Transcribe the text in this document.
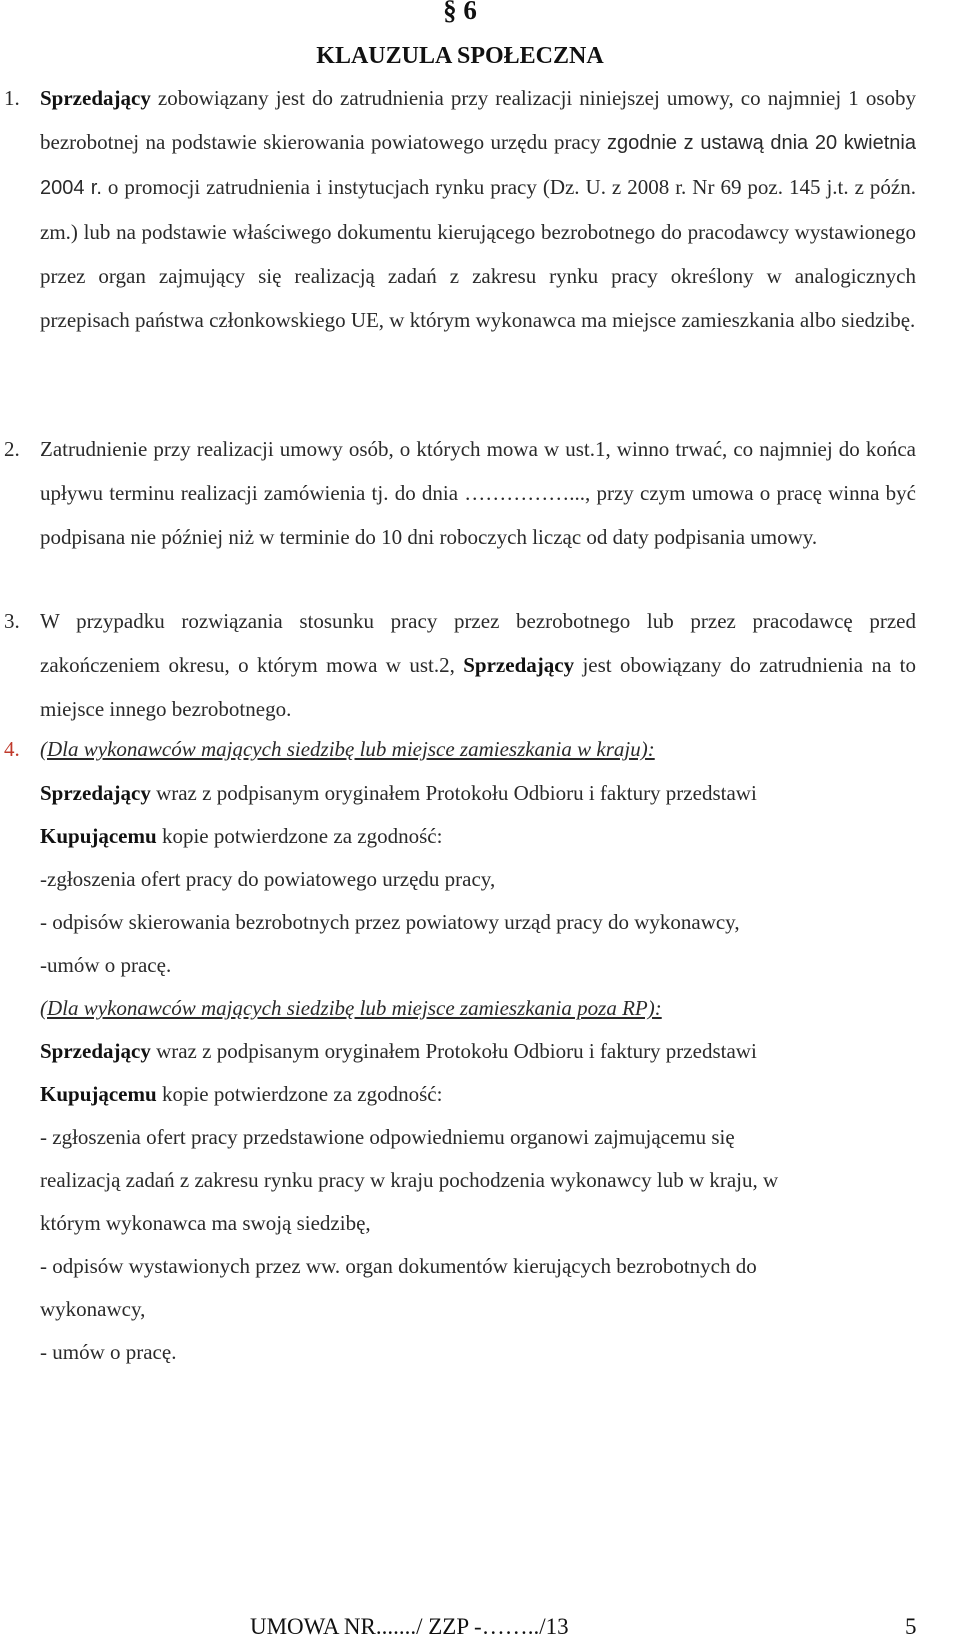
§ 6
KLAUZULA SPOŁECZNA
1. Sprzedający zobowiązany jest do zatrudnienia przy realizacji niniejszej umowy, co najmniej 1 osoby bezrobotnej na podstawie skierowania powiatowego urzędu pracy zgodnie z ustawą dnia 20 kwietnia 2004 r. o promocji zatrudnienia i instytucjach rynku pracy (Dz. U. z 2008 r. Nr 69 poz. 145 j.t. z późn. zm.) lub na podstawie właściwego dokumentu kierującego bezrobotnego do pracodawcy wystawionego przez organ zajmujący się realizacją zadań z zakresu rynku pracy określony w analogicznych przepisach państwa członkowskiego UE, w którym wykonawca ma miejsce zamieszkania albo siedzibę.
2. Zatrudnienie przy realizacji umowy osób, o których mowa w ust.1, winno trwać, co najmniej do końca upływu terminu realizacji zamówienia tj. do dnia ……………..., przy czym umowa o pracę winna być podpisana nie później niż w terminie do 10 dni roboczych licząc od daty podpisania umowy.
3. W przypadku rozwiązania stosunku pracy przez bezrobotnego lub przez pracodawcę przed zakończeniem okresu, o którym mowa w ust.2, Sprzedający jest obowiązany do zatrudnienia na to miejsce innego bezrobotnego.
4. (Dla wykonawców mających siedzibę lub miejsce zamieszkania w kraju):
Sprzedający wraz z podpisanym oryginałem Protokołu Odbioru i faktury przedstawi
Kupującemu kopie potwierdzone za zgodność:
-zgłoszenia ofert pracy do powiatowego urzędu pracy,
- odpisów skierowania bezrobotnych przez powiatowy urząd pracy do wykonawcy,
-umów o pracę.
(Dla wykonawców mających siedzibę lub miejsce zamieszkania poza RP):
Sprzedający wraz z podpisanym oryginałem Protokołu Odbioru i faktury przedstawi
Kupującemu kopie potwierdzone za zgodność:
- zgłoszenia ofert pracy przedstawione odpowiedniemu organowi zajmującemu się
realizacją zadań z zakresu rynku pracy w kraju pochodzenia wykonawcy lub w kraju, w
którym wykonawca ma swoją siedzibę,
- odpisów wystawionych przez ww. organ dokumentów kierujących bezrobotnych do
wykonawcy,
- umów o pracę.
UMOWA NR......./ ZZP -……../13	5
